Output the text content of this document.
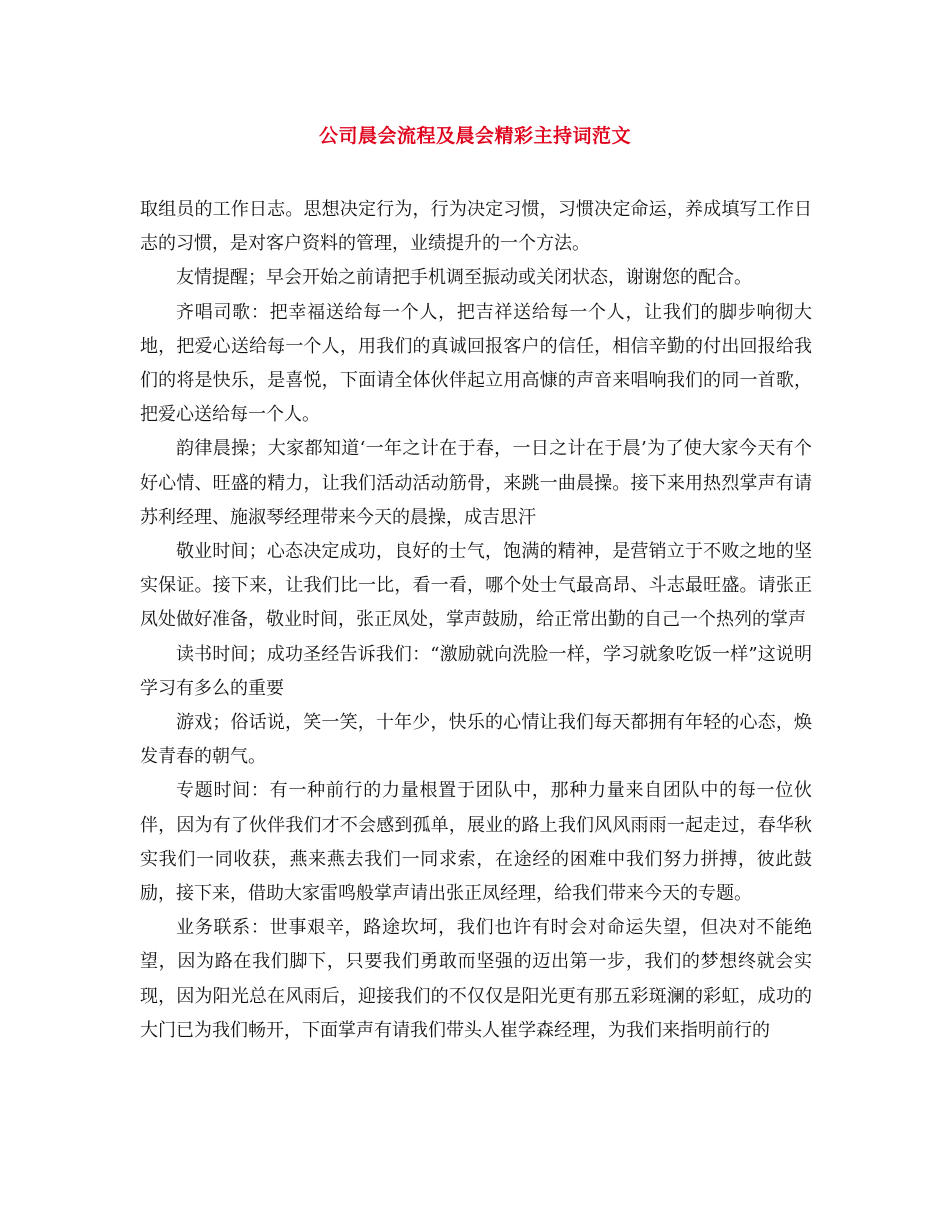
公司晨会流程及晨会精彩主持词范文

取组员的工作日志。思想决定行为，行为决定习惯，习惯决定命运，养成填写工作日志的习惯，是对客户资料的管理，业绩提升的一个方法。

友情提醒；早会开始之前请把手机调至振动或关闭状态，谢谢您的配合。

齐唱司歌：把幸福送给每一个人，把吉祥送给每一个人，让我们的脚步响彻大地，把爱心送给每一个人，用我们的真诚回报客户的信任，相信辛勤的付出回报给我们的将是快乐，是喜悦，下面请全体伙伴起立用高慷的声音来唱响我们的同一首歌，把爱心送给每一个人。

韵律晨操；大家都知道‘一年之计在于春，一日之计在于晨’为了使大家今天有个好心情、旺盛的精力，让我们活动活动筋骨，来跳一曲晨操。接下来用热烈掌声有请苏利经理、施淑琴经理带来今天的晨操，成吉思汗

敬业时间；心态决定成功，良好的士气，饱满的精神，是营销立于不败之地的坚实保证。接下来，让我们比一比，看一看，哪个处士气最高昂、斗志最旺盛。请张正凤处做好准备，敬业时间，张正凤处，掌声鼓励，给正常出勤的自己一个热列的掌声

读书时间；成功圣经告诉我们：“激励就向洗脸一样，学习就象吃饭一样”这说明学习有多么的重要

游戏；俗话说，笑一笑，十年少，快乐的心情让我们每天都拥有年轻的心态，焕发青春的朝气。

专题时间：有一种前行的力量根置于团队中，那种力量来自团队中的每一位伙伴，因为有了伙伴我们才不会感到孤单，展业的路上我们风风雨雨一起走过，春华秋实我们一同收获，燕来燕去我们一同求索，在途经的困难中我们努力拼搏，彼此鼓励，接下来，借助大家雷鸣般掌声请出张正凤经理，给我们带来今天的专题。

业务联系：世事艰辛，路途坎坷，我们也许有时会对命运失望，但决对不能绝望，因为路在我们脚下，只要我们勇敢而坚强的迈出第一步，我们的梦想终就会实现，因为阳光总在风雨后，迎接我们的不仅仅是阳光更有那五彩斑澜的彩虹，成功的大门已为我们畅开，下面掌声有请我们带头人崔学森经理，为我们来指明前行的
